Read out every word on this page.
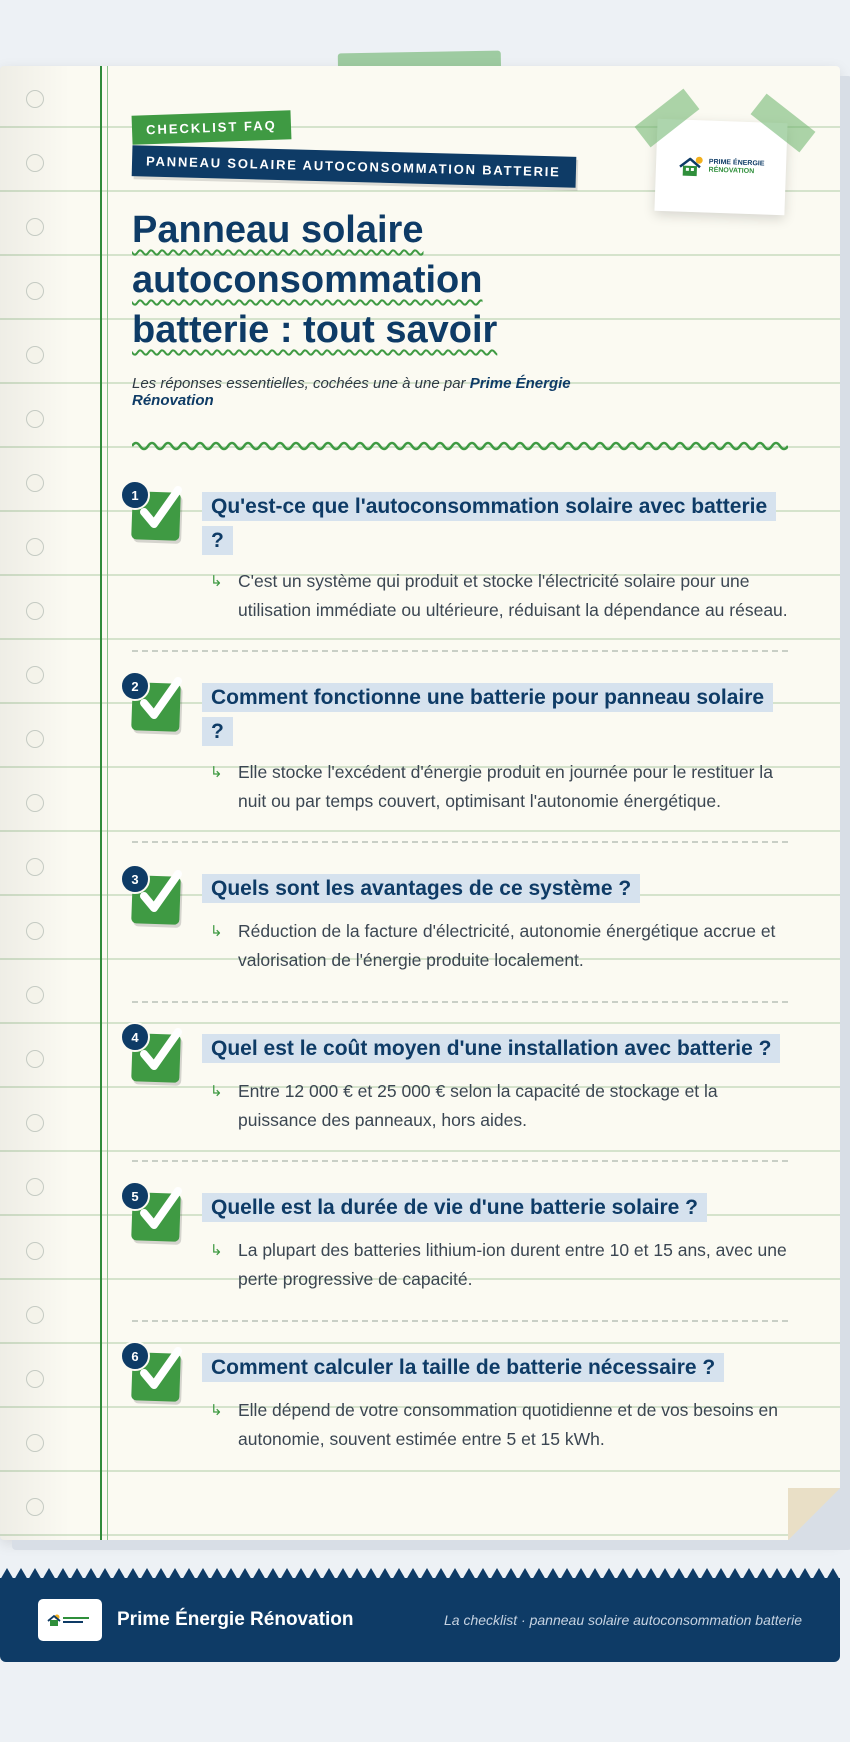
CHECKLIST FAQ
PANNEAU SOLAIRE AUTOCONSOMMATION BATTERIE	PRIME ÉNERGIE
RÉNOVATION
Panneau solaire
autoconsommation
batterie : tout savoir
Les réponses essentielles, cochées une à une par Prime Énergie Rénovation
1	Qu'est-ce que l'autoconsommation solaire avec batterie ?
↳ C'est un système qui produit et stocke l'électricité solaire pour une utilisation immédiate ou ultérieure, réduisant la dépendance au réseau.
2	Comment fonctionne une batterie pour panneau solaire ?
↳ Elle stocke l'excédent d'énergie produit en journée pour le restituer la nuit ou par temps couvert, optimisant l'autonomie énergétique.
3	Quels sont les avantages de ce système ?
↳ Réduction de la facture d'électricité, autonomie énergétique accrue et valorisation de l'énergie produite localement.
4	Quel est le coût moyen d'une installation avec batterie ?
↳ Entre 12 000 € et 25 000 € selon la capacité de stockage et la puissance des panneaux, hors aides.
5	Quelle est la durée de vie d'une batterie solaire ?
↳ La plupart des batteries lithium-ion durent entre 10 et 15 ans, avec une perte progressive de capacité.
6	Comment calculer la taille de batterie nécessaire ?
↳ Elle dépend de votre consommation quotidienne et de vos besoins en autonomie, souvent estimée entre 5 et 15 kWh.
Prime Énergie Rénovation	La checklist · panneau solaire autoconsommation batterie
